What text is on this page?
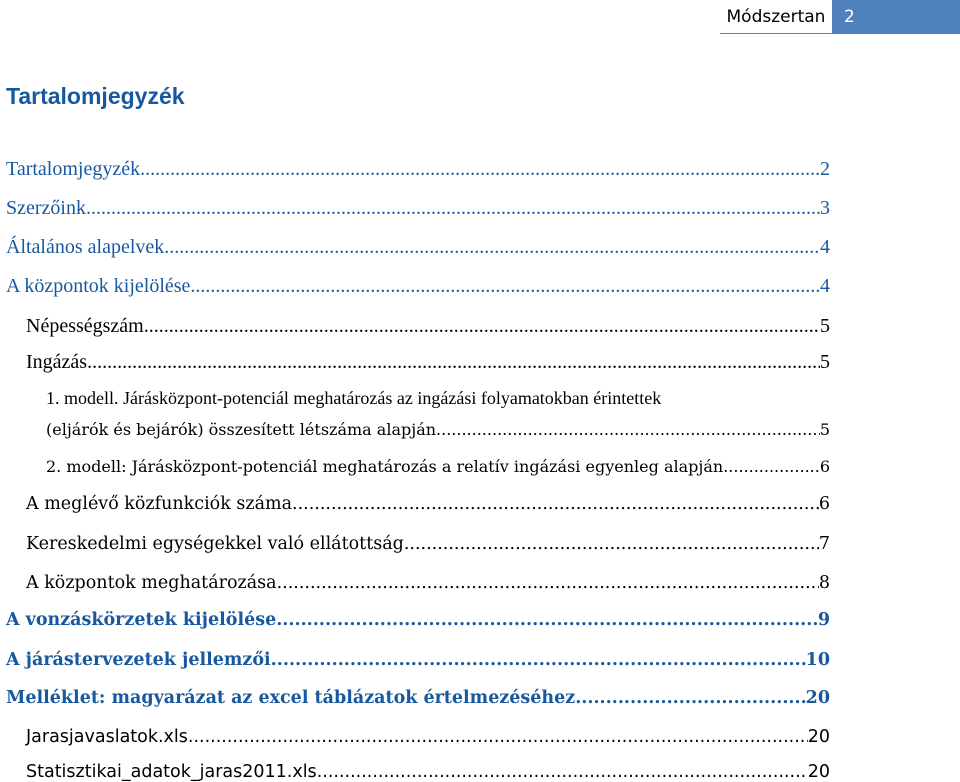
Módszertan	2
Tartalomjegyzék
Tartalomjegyzék .....	2
Szerzőink .....	3
Általános alapelvek .....	4
A központok kijelölése .....	4
Népességszám .....	5
Ingázás .....	5
1. modell. Járásközpont-potenciál meghatározás az ingázási folyamatokban érintettek
(eljárók és bejárók) összesített létszáma alapján .....	5
2. modell: Járásközpont-potenciál meghatározás a relatív ingázási egyenleg alapján .....	6
A meglévő közfunkciók száma .....	6
Kereskedelmi egységekkel való ellátottság .....	7
A központok meghatározása .....	8
A vonzáskörzetek kijelölése .....	9
A járástervezetek jellemzői .....	10
Melléklet: magyarázat az excel táblázatok értelmezéséhez .....	20
Jarasjavaslatok.xls .....	20
Statisztikai_adatok_jaras2011.xls .....	20
